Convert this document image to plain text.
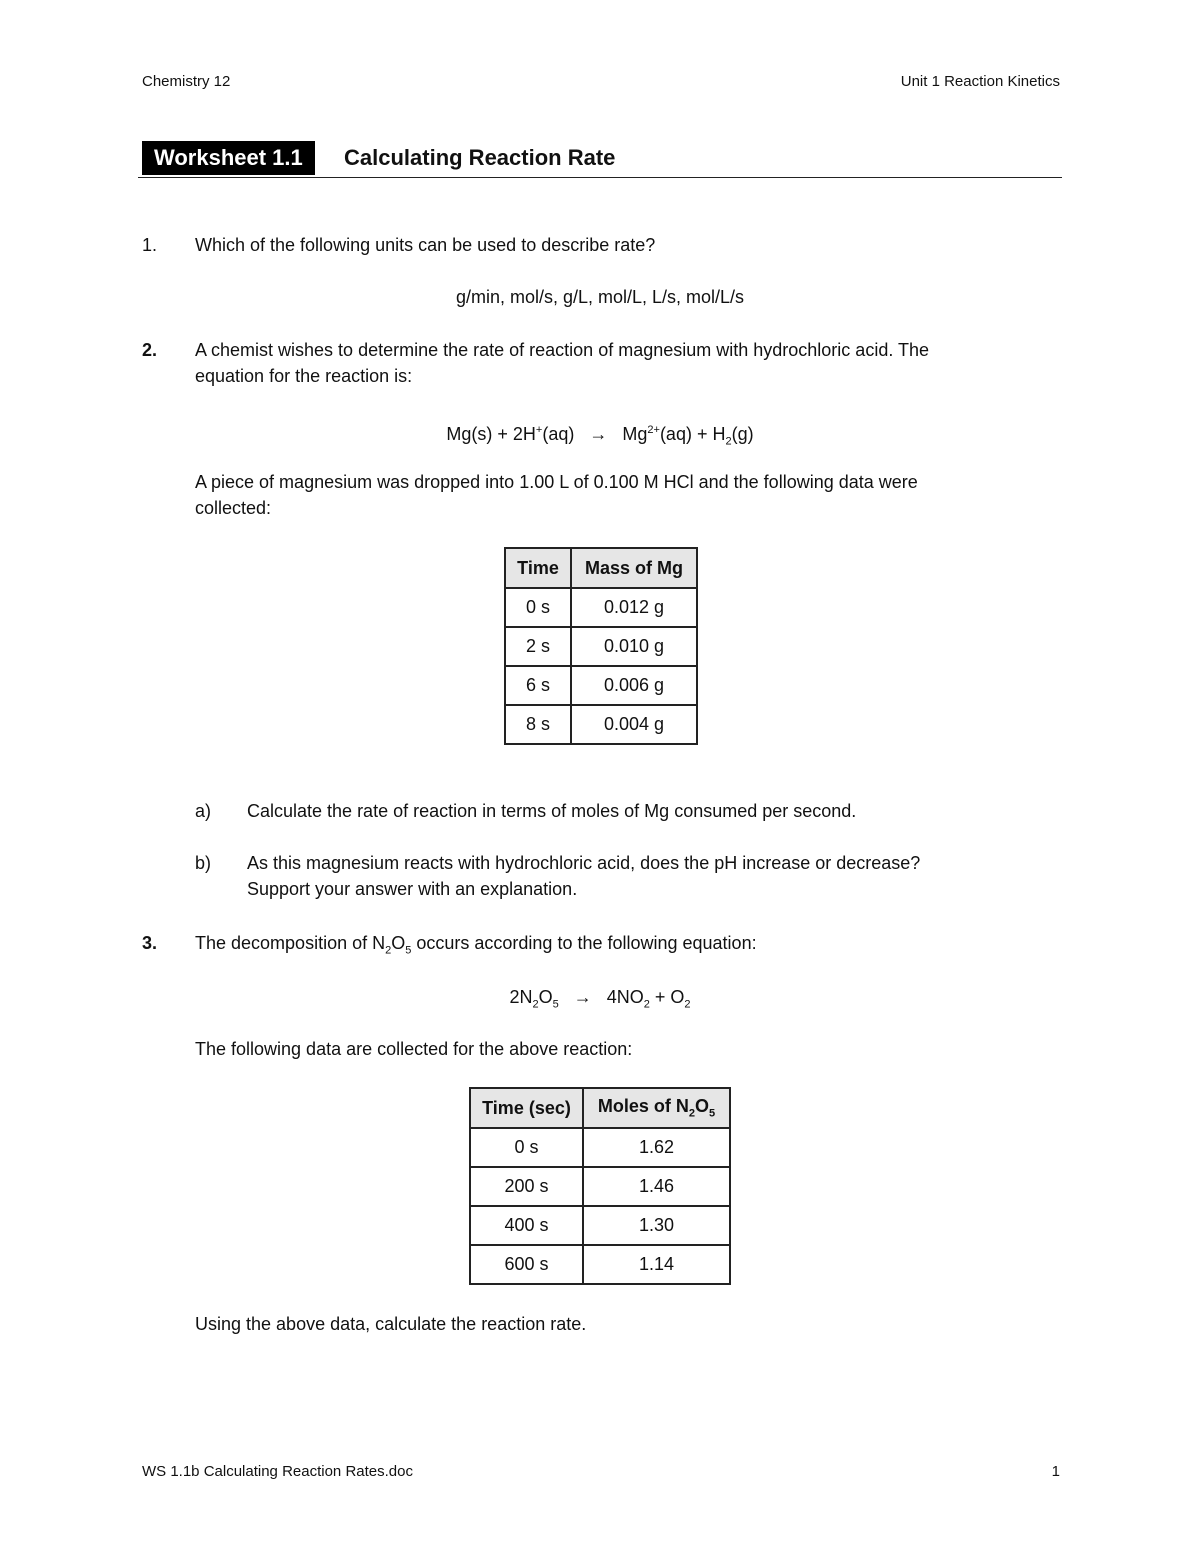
Chemistry 12	Unit 1 Reaction Kinetics
Worksheet 1.1	Calculating Reaction Rate
1.	Which of the following units can be used to describe rate?
g/min, mol/s, g/L, mol/L, L/s, mol/L/s
2.	A chemist wishes to determine the rate of reaction of magnesium with hydrochloric acid. The
equation for the reaction is:
$Mg(s) + 2H^+(aq) \to Mg^{2+}(aq) + H_2(g)$
A piece of magnesium was dropped into 1.00 L of 0.100 M HCl and the following data were
collected:
Time	Mass of Mg
0 s	0.012 g
2 s	0.010 g
6 s	0.006 g
8 s	0.004 g
a)	Calculate the rate of reaction in terms of moles of Mg consumed per second.
b)	As this magnesium reacts with hydrochloric acid, does the pH increase or decrease?
Support your answer with an explanation.
3.	The decomposition of $N_2O_5$ occurs according to the following equation:
$2N_2O_5 \to 4NO_2 + O_2$
The following data are collected for the above reaction:
Time (sec)	Moles of $N_2O_5$
0 s	1.62
200 s	1.46
400 s	1.30
600 s	1.14
Using the above data, calculate the reaction rate.
WS 1.1b Calculating Reaction Rates.doc	1
